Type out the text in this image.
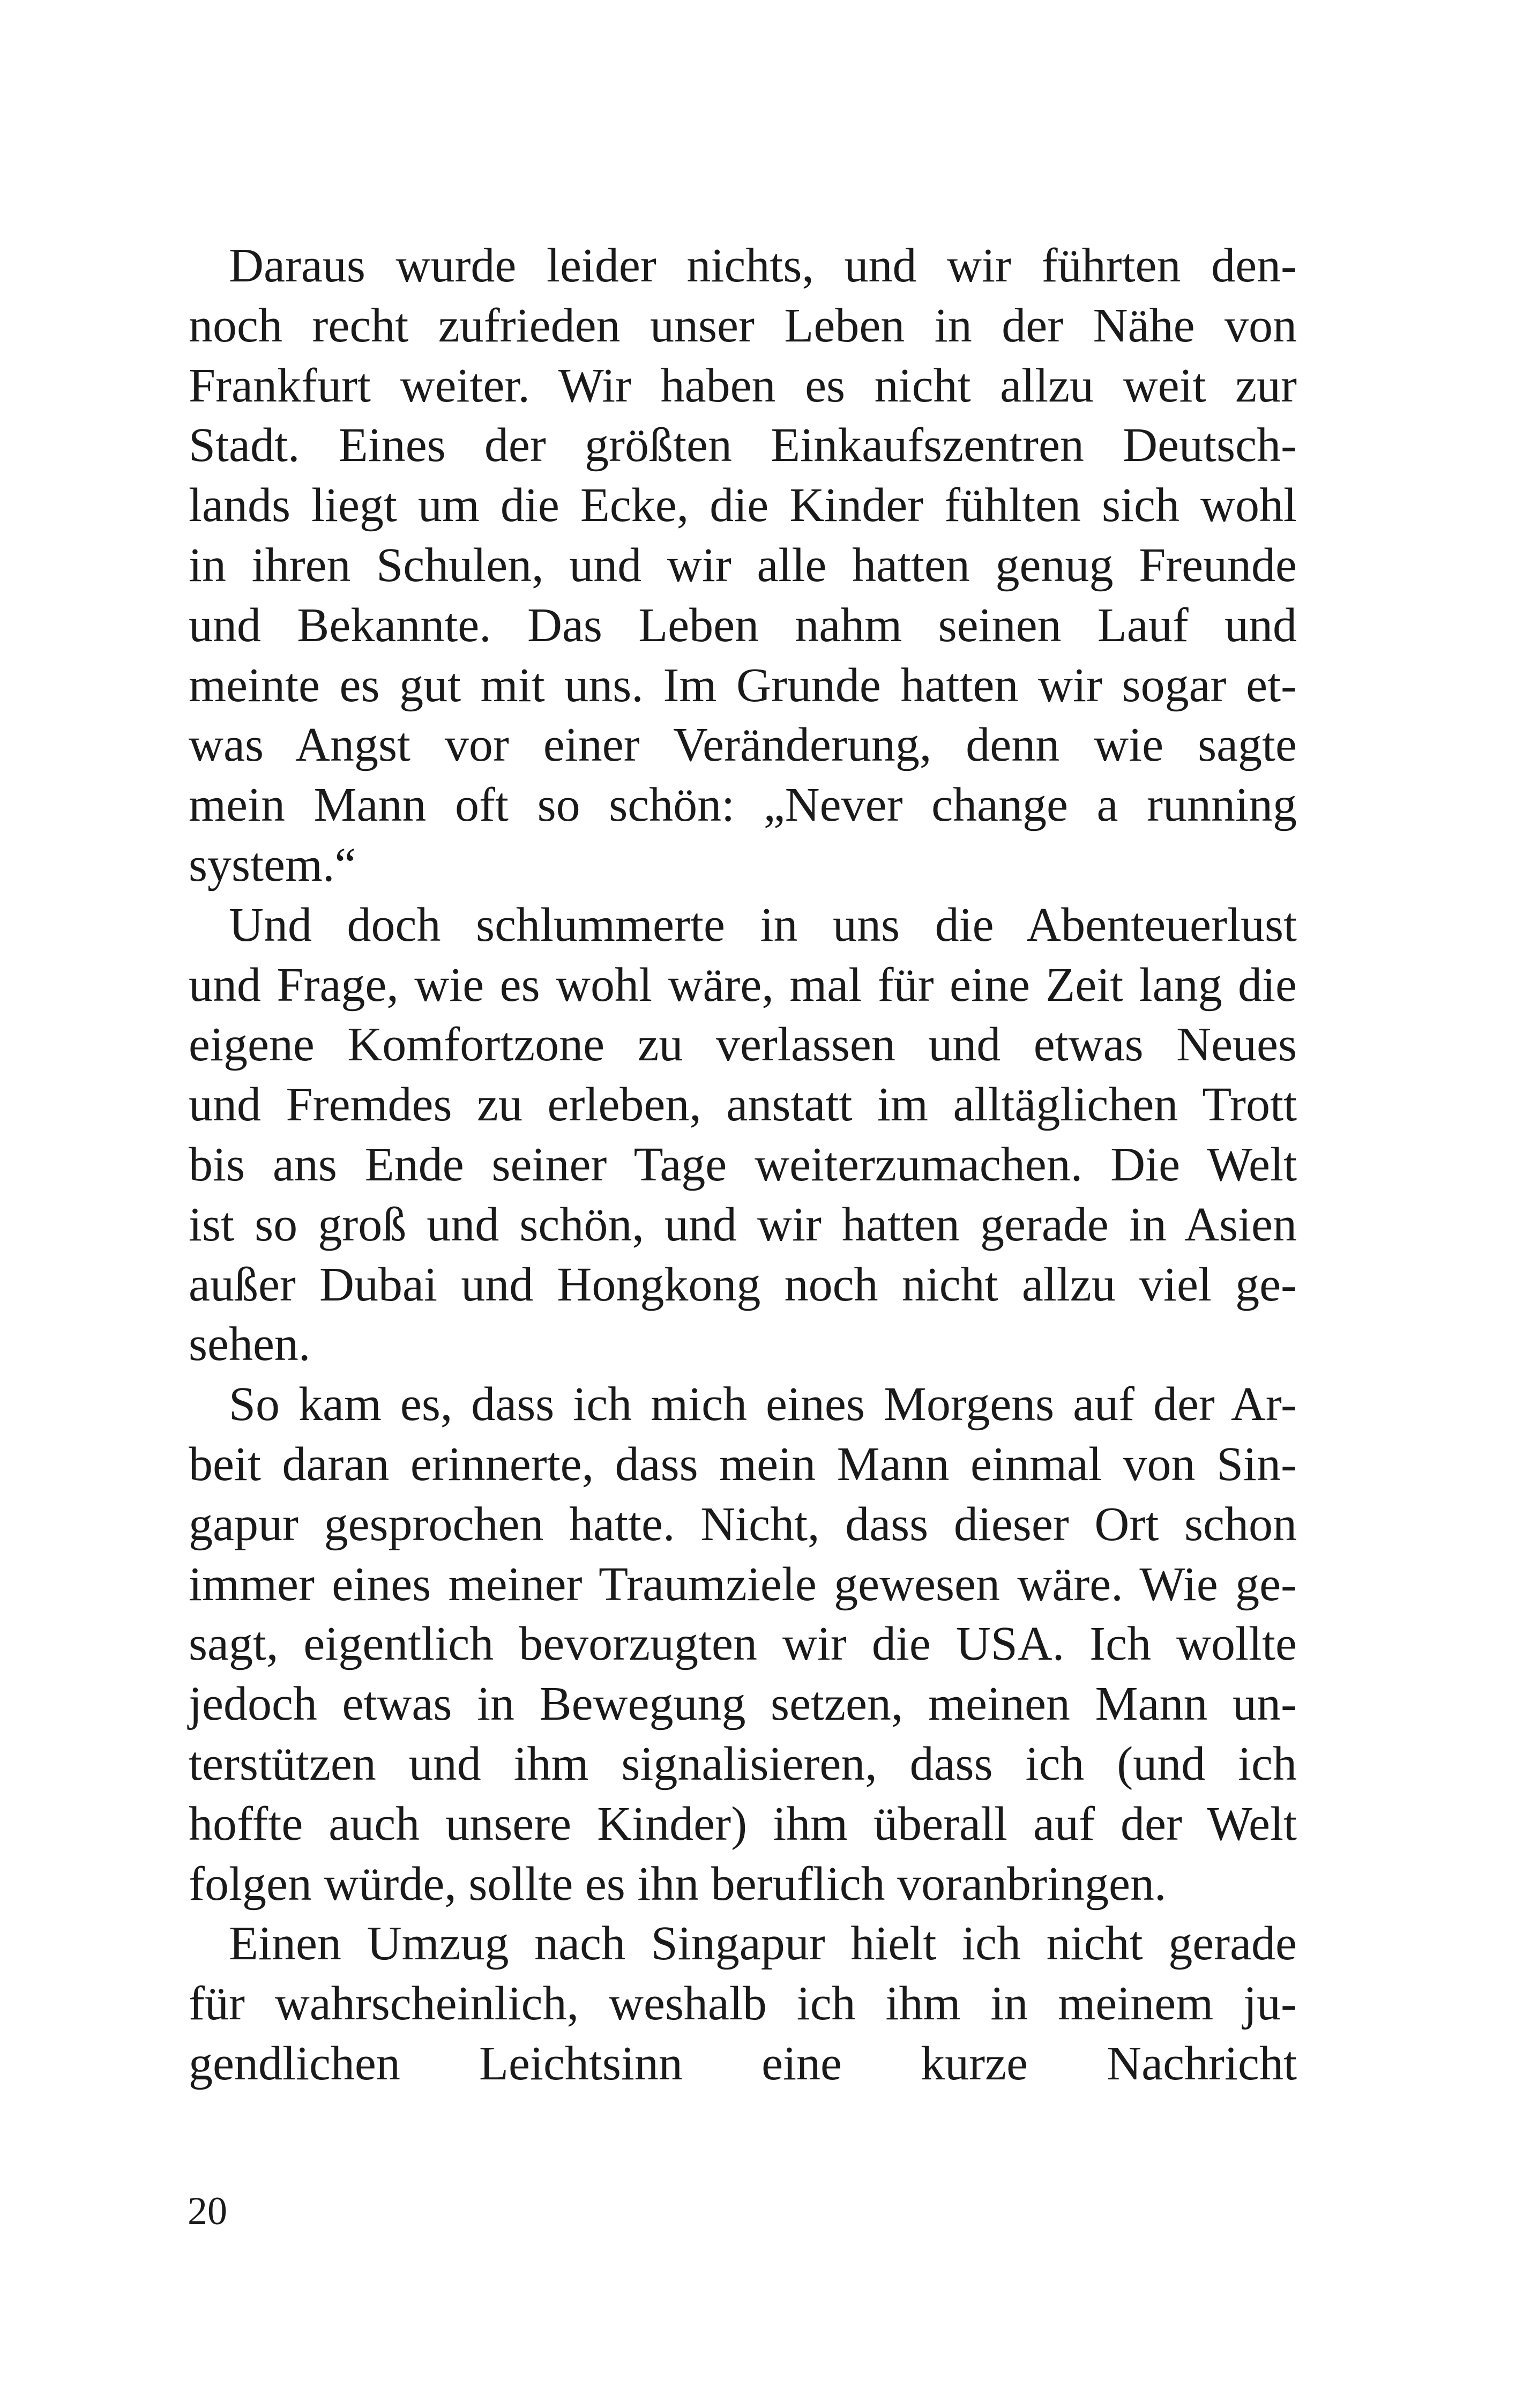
Daraus wurde leider nichts, und wir führten den-
noch recht zufrieden unser Leben in der Nähe von
Frankfurt weiter. Wir haben es nicht allzu weit zur
Stadt. Eines der größten Einkaufszentren Deutsch-
lands liegt um die Ecke, die Kinder fühlten sich wohl
in ihren Schulen, und wir alle hatten genug Freunde
und Bekannte. Das Leben nahm seinen Lauf und
meinte es gut mit uns. Im Grunde hatten wir sogar et-
was Angst vor einer Veränderung, denn wie sagte
mein Mann oft so schön: „Never change a running
system.“
Und doch schlummerte in uns die Abenteuerlust
und Frage, wie es wohl wäre, mal für eine Zeit lang die
eigene Komfortzone zu verlassen und etwas Neues
und Fremdes zu erleben, anstatt im alltäglichen Trott
bis ans Ende seiner Tage weiterzumachen. Die Welt
ist so groß und schön, und wir hatten gerade in Asien
außer Dubai und Hongkong noch nicht allzu viel ge-
sehen.
So kam es, dass ich mich eines Morgens auf der Ar-
beit daran erinnerte, dass mein Mann einmal von Sin-
gapur gesprochen hatte. Nicht, dass dieser Ort schon
immer eines meiner Traumziele gewesen wäre. Wie ge-
sagt, eigentlich bevorzugten wir die USA. Ich wollte
jedoch etwas in Bewegung setzen, meinen Mann un-
terstützen und ihm signalisieren, dass ich (und ich
hoffte auch unsere Kinder) ihm überall auf der Welt
folgen würde, sollte es ihn beruflich voranbringen.
Einen Umzug nach Singapur hielt ich nicht gerade
für wahrscheinlich, weshalb ich ihm in meinem ju-
gendlichen Leichtsinn eine kurze Nachricht
20
